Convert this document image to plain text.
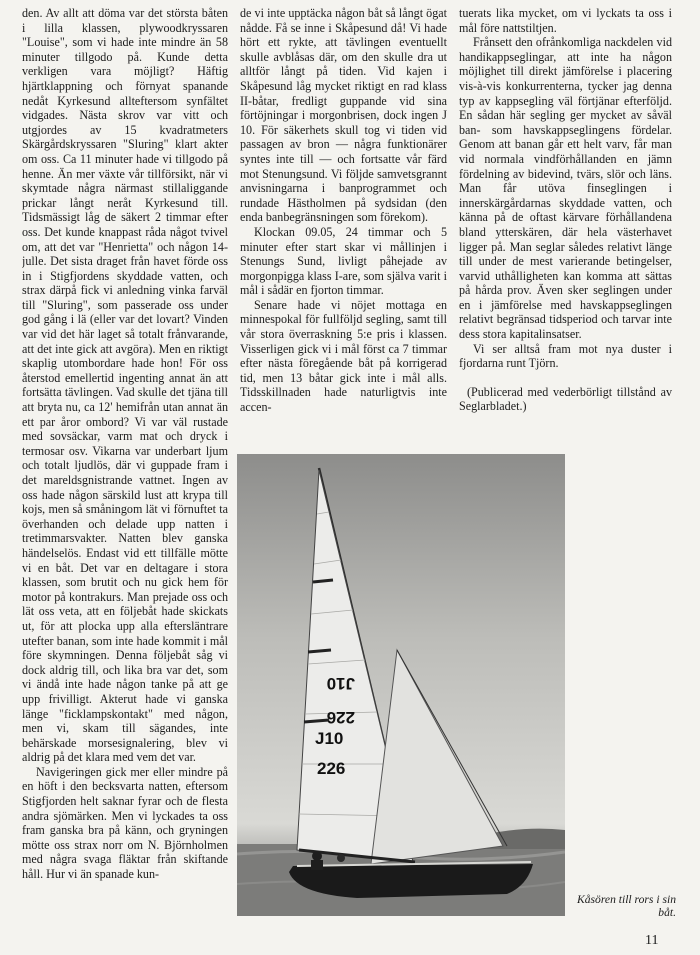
den. Av allt att döma var det största båten i lilla klassen, plywoodkryssaren "Louise", som vi hade inte mindre än 58 minuter tillgodo på. Kunde detta verkligen vara möjligt? Häftig hjärtklappning och förnyat spanande nedåt Kyrkesund allteftersom synfältet vidgades. Nästa skrov var vitt och utgjordes av 15 kvadratmeters Skärgårdskryssaren "Sluring" klart akter om oss. Ca 11 minuter hade vi tillgodo på henne. Än mer växte vår tillförsikt, när vi skymtade några närmast stillaliggande prickar långt neråt Kyrkesund till. Tidsmässigt låg de säkert 2 timmar efter oss. Det kunde knappast råda något tvivel om, att det var "Henrietta" och någon 14-julle. Det sista draget från havet förde oss in i Stigfjordens skyddade vatten, och strax därpå fick vi anledning vinka farväl till "Sluring", som passerade oss under god gång i lä (eller var det lovart? Vinden var vid det här laget så totalt frånvarande, att det inte gick att avgöra). Men en riktigt skaplig utombordare hade hon! För oss återstod emellertid ingenting annat än att fortsätta tävlingen. Vad skulle det tjäna till att bryta nu, ca 12' hemifrån utan annat än ett par åror ombord? Vi var väl rustade med sovsäckar, varm mat och dryck i termosar osv. Vikarna var underbart ljum och totalt ljudlös, där vi guppade fram i det mareldsgnistrande vattnet. Ingen av oss hade någon särskild lust att krypa till kojs, men så småningom lät vi förnuftet ta överhanden och delade upp natten i tretimmarsvakter. Natten blev ganska händelselös. Endast vid ett tillfälle mötte vi en båt. Det var en deltagare i stora klassen, som brutit och nu gick hem för motor på kontrakurs. Man prejade oss och lät oss veta, att en följebåt hade skickats ut, för att plocka upp alla eftersläntrare utefter banan, som inte hade kommit i mål före skymningen. Denna följebåt såg vi dock aldrig till, och lika bra var det, som vi ändå inte hade någon tanke på att ge upp frivilligt. Akterut hade vi ganska länge "ficklampskontakt" med någon, men vi, skam till sägandes, inte behärskade morsesignalering, blev vi aldrig på det klara med vem det var.

Navigeringen gick mer eller mindre på en höft i den becksvarta natten, eftersom Stigfjorden helt saknar fyrar och de flesta andra sjömärken. Men vi lyckades ta oss fram ganska bra på känn, och gryningen mötte oss strax norr om N. Björnholmen med några svaga fläktar från skiftande håll. Hur vi än spanade kun-

de vi inte upptäcka någon båt så långt ögat nådde. Få se inne i Skåpesund då! Vi hade hört ett rykte, att tävlingen eventuellt skulle avblåsas där, om den skulle dra ut alltför långt på tiden. Vid kajen i Skåpesund låg mycket riktigt en rad klass II-båtar, fredligt guppande vid sina förtöjningar i morgonbrisen, dock ingen J 10. För säkerhets skull tog vi tiden vid passagen av bron — några funktionärer syntes inte till — och fortsatte vår färd mot Stenungsund. Vi följde samvetsgrannt anvisningarna i banprogrammet och rundade Hästholmen på sydsidan (den enda banbegränsningen som förekom).

Klockan 09.05, 24 timmar och 5 minuter efter start skar vi mållinjen i Stenungs Sund, livligt påhejade av morgonpigga klass I-are, som själva varit i mål i sådär en fjorton timmar.

Senare hade vi nöjet mottaga en minnespokal för fullföljd segling, samt till vår stora överraskning 5:e pris i klassen. Visserligen gick vi i mål först ca 7 timmar efter nästa föregående båt på korrigerad tid, men 13 båtar gick inte i mål alls. Tidsskillnaden hade naturligtvis inte accen-

tuerats lika mycket, om vi lyckats ta oss i mål före nattstiltjen.

Frånsett den ofrånkomliga nackdelen vid handikappseglingar, att inte ha någon möjlighet till direkt jämförelse i placering vis-à-vis konkurrenterna, tycker jag denna typ av kappsegling väl förtjänar efterföljd. En sådan här segling ger mycket av såväl ban- som havskappseglingens fördelar. Genom att banan går ett helt varv, får man vid normala vindförhållanden en jämn fördelning av bidevind, tvärs, slör och läns. Man får utöva finseglingen i innerskärgårdarnas skyddade vatten, och känna på de oftast kärvare förhållandena bland ytterskären, där hela västerhavet ligger på. Man seglar således relativt länge till under de mest varierande betingelser, varvid uthålligheten kan komma att sättas på hårda prov. Även sker seglingen under en i jämförelse med havskappseglingen relativt begränsad tidsperiod och tarvar inte dess stora kapitalinsatser.

Vi ser alltså fram mot nya duster i fjordarna runt Tjörn.

(Publicerad med vederbörligt tillstånd av Seglarbladet.)

J10
226
J10
226
Kåsören till rors i sin båt.
11
